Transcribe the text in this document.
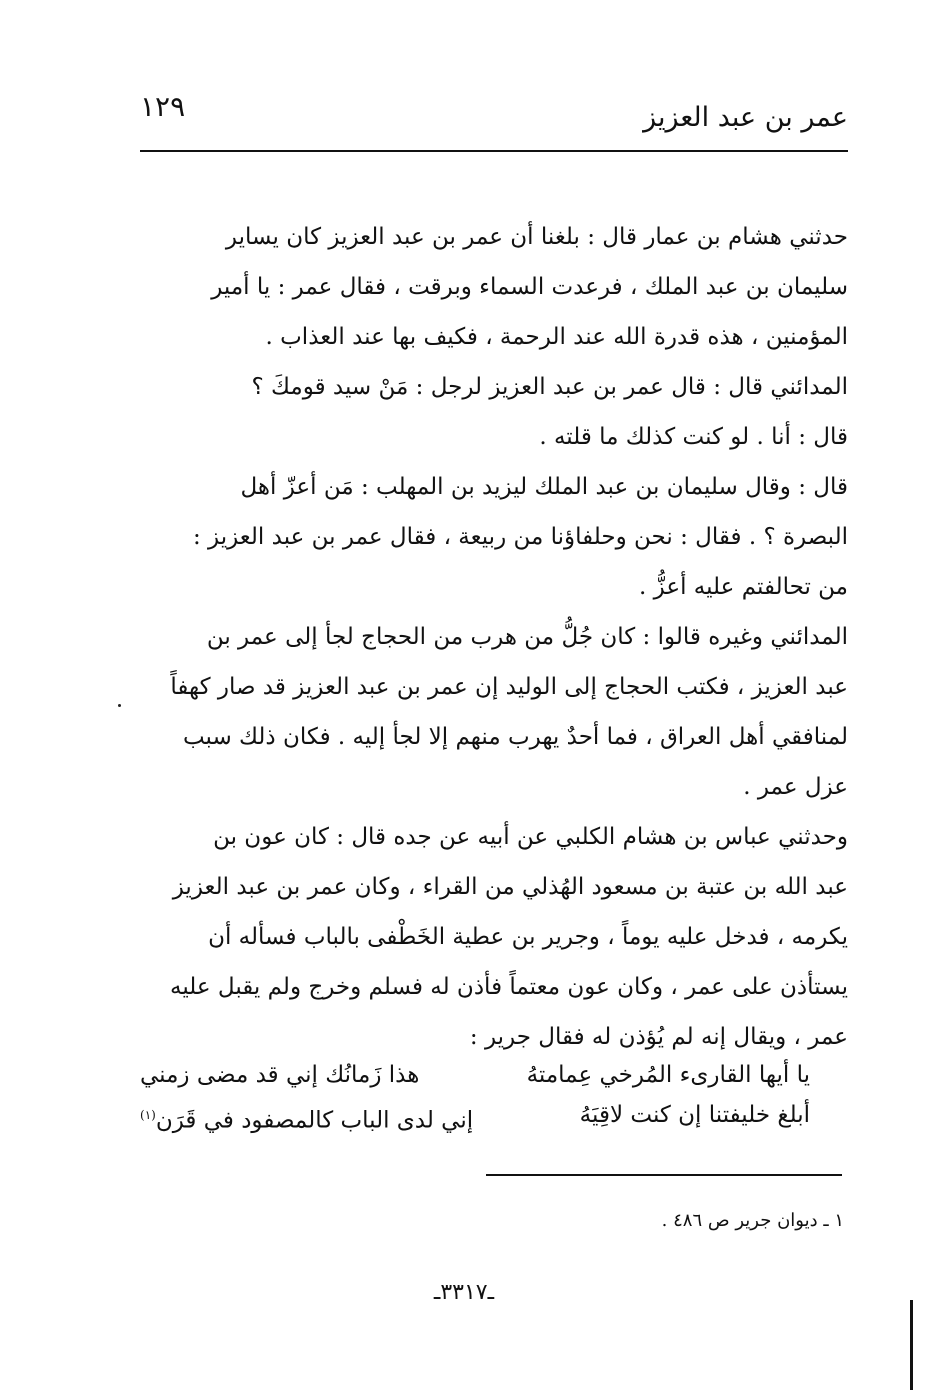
عمر بن عبد العزيز
١٢٩
حدثني هشام بن عمار قال : بلغنا أن عمر بن عبد العزيز كان يساير
سليمان بن عبد الملك ، فرعدت السماء وبرقت ، فقال عمر : يا أمير
المؤمنين ، هذه قدرة الله عند الرحمة ، فكيف بها عند العذاب .
المدائني قال : قال عمر بن عبد العزيز لرجل : مَنْ سيد قومكَ ؟
قال : أنا . لو كنت كذلك ما قلته .
قال : وقال سليمان بن عبد الملك ليزيد بن المهلب : مَن أعزّ أهل
البصرة ؟ . فقال : نحن وحلفاؤنا من ربيعة ، فقال عمر بن عبد العزيز :
من تحالفتم عليه أعزُّ .
المدائني وغيره قالوا : كان جُلُّ من هرب من الحجاج لجأ إلى عمر بن
عبد العزيز ، فكتب الحجاج إلى الوليد إن عمر بن عبد العزيز قد صار كهفاً
لمنافقي أهل العراق ، فما أحدٌ يهرب منهم إلا لجأ إليه . فكان ذلك سبب
عزل عمر .
وحدثني عباس بن هشام الكلبي عن أبيه عن جده قال : كان عون بن
عبد الله بن عتبة بن مسعود الهُذلي من القراء ، وكان عمر بن عبد العزيز
يكرمه ، فدخل عليه يوماً ، وجرير بن عطية الخَطْفى بالباب فسأله أن
يستأذن على عمر ، وكان عون معتماً فأذن له فسلم وخرج ولم يقبل عليه
عمر ، ويقال إنه لم يُؤذن له فقال جرير :
يا أيها القارىء المُرخي عِمامتهُ
هذا زَمانُك إني قد مضى زمني
أبلغ خليفتنا إن كنت لاقِيَهُ
إني لدى الباب كالمصفود في قَرَن$^{(١)}$
١ ـ ديوان جرير ص ٤٨٦ .
ـ٣٣١٧ـ
